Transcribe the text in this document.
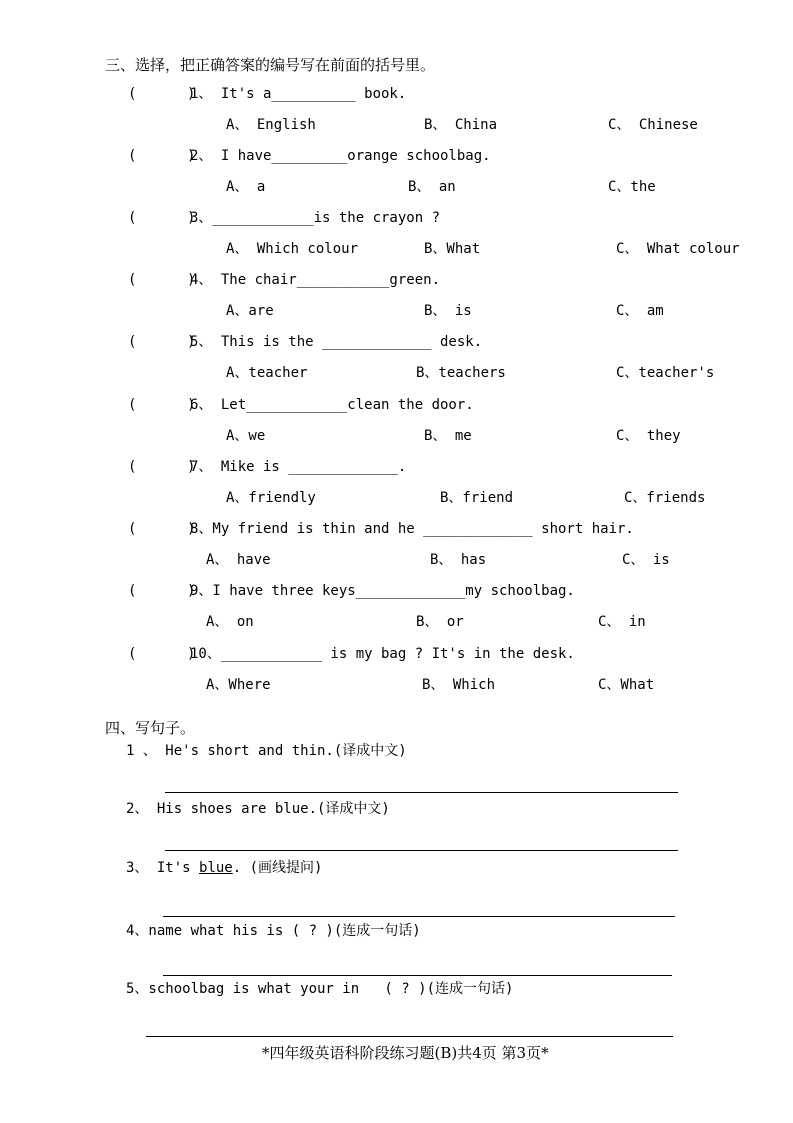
三、选择，把正确答案的编号写在前面的括号里。
(      )
1、 It's a__________ book.
A、 English	B、 China	C、 Chinese
(      )
2、 I have_________orange schoolbag.
A、 a	B、 an	C、the
(      )
3、____________is the crayon ?
A、 Which colour	B、What	C、 What colour
(      )
4、 The chair___________green.
A、are	B、 is	C、 am
(      )
5、 This is the _____________ desk.
A、teacher	B、teachers	C、teacher's
(      )
6、 Let____________clean the door.
A、we	B、 me	C、 they
(      )
7、 Mike is _____________.
A、friendly	B、friend	C、friends
(      )
8、My friend is thin and he _____________ short hair.
A、 have	B、 has	C、 is
(      )
9、I have three keys_____________my schoolbag.
A、 on	B、 or	C、 in
(      )
10、____________ is my bag ? It's in the desk.
A、Where	B、 Which	C、What
四、写句子。
1 、 He's short and thin.(译成中文)
2、 His shoes are blue.(译成中文)
3、 It's blue. (画线提问)
4、name what his is ( ? )(连成一句话)
5、schoolbag is what your in   ( ? )(连成一句话)
*四年级英语科阶段练习题(B)共4页 第3页*
